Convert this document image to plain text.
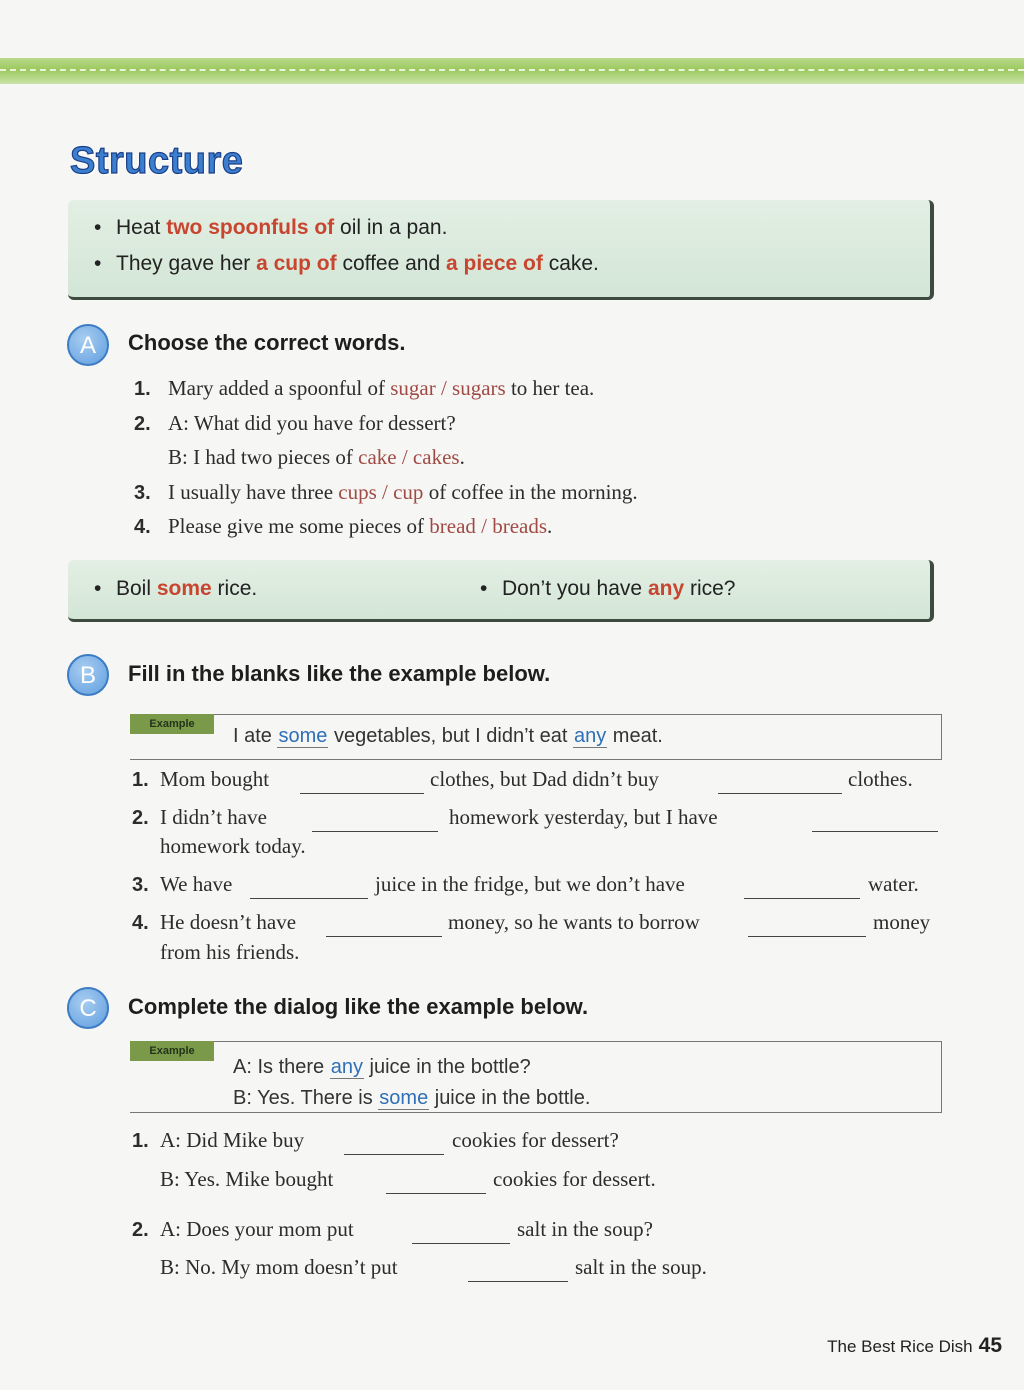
Structure
• Heat two spoonfuls of oil in a pan.
• They gave her a cup of coffee and a piece of cake.
A	Choose the correct words.
1. Mary added a spoonful of sugar / sugars to her tea.
2. A: What did you have for dessert?
B: I had two pieces of cake / cakes.
3. I usually have three cups / cup of coffee in the morning.
4. Please give me some pieces of bread / breads.
• Boil some rice.	• Don’t you have any rice?
B	Fill in the blanks like the example below.
Example
I ate some vegetables, but I didn’t eat any meat.
1. Mom bought	clothes, but Dad didn’t buy	clothes.
2. I didn’t have	homework yesterday, but I have
homework today.
3. We have	juice in the fridge, but we don’t have	water.
4. He doesn’t have	money, so he wants to borrow	money
from his friends.
C	Complete the dialog like the example below.
Example
A: Is there any juice in the bottle?
B: Yes. There is some juice in the bottle.
1. A: Did Mike buy	cookies for dessert?
B: Yes. Mike bought	cookies for dessert.
2. A: Does your mom put	salt in the soup?
B: No. My mom doesn’t put	salt in the soup.
The Best Rice Dish 45
